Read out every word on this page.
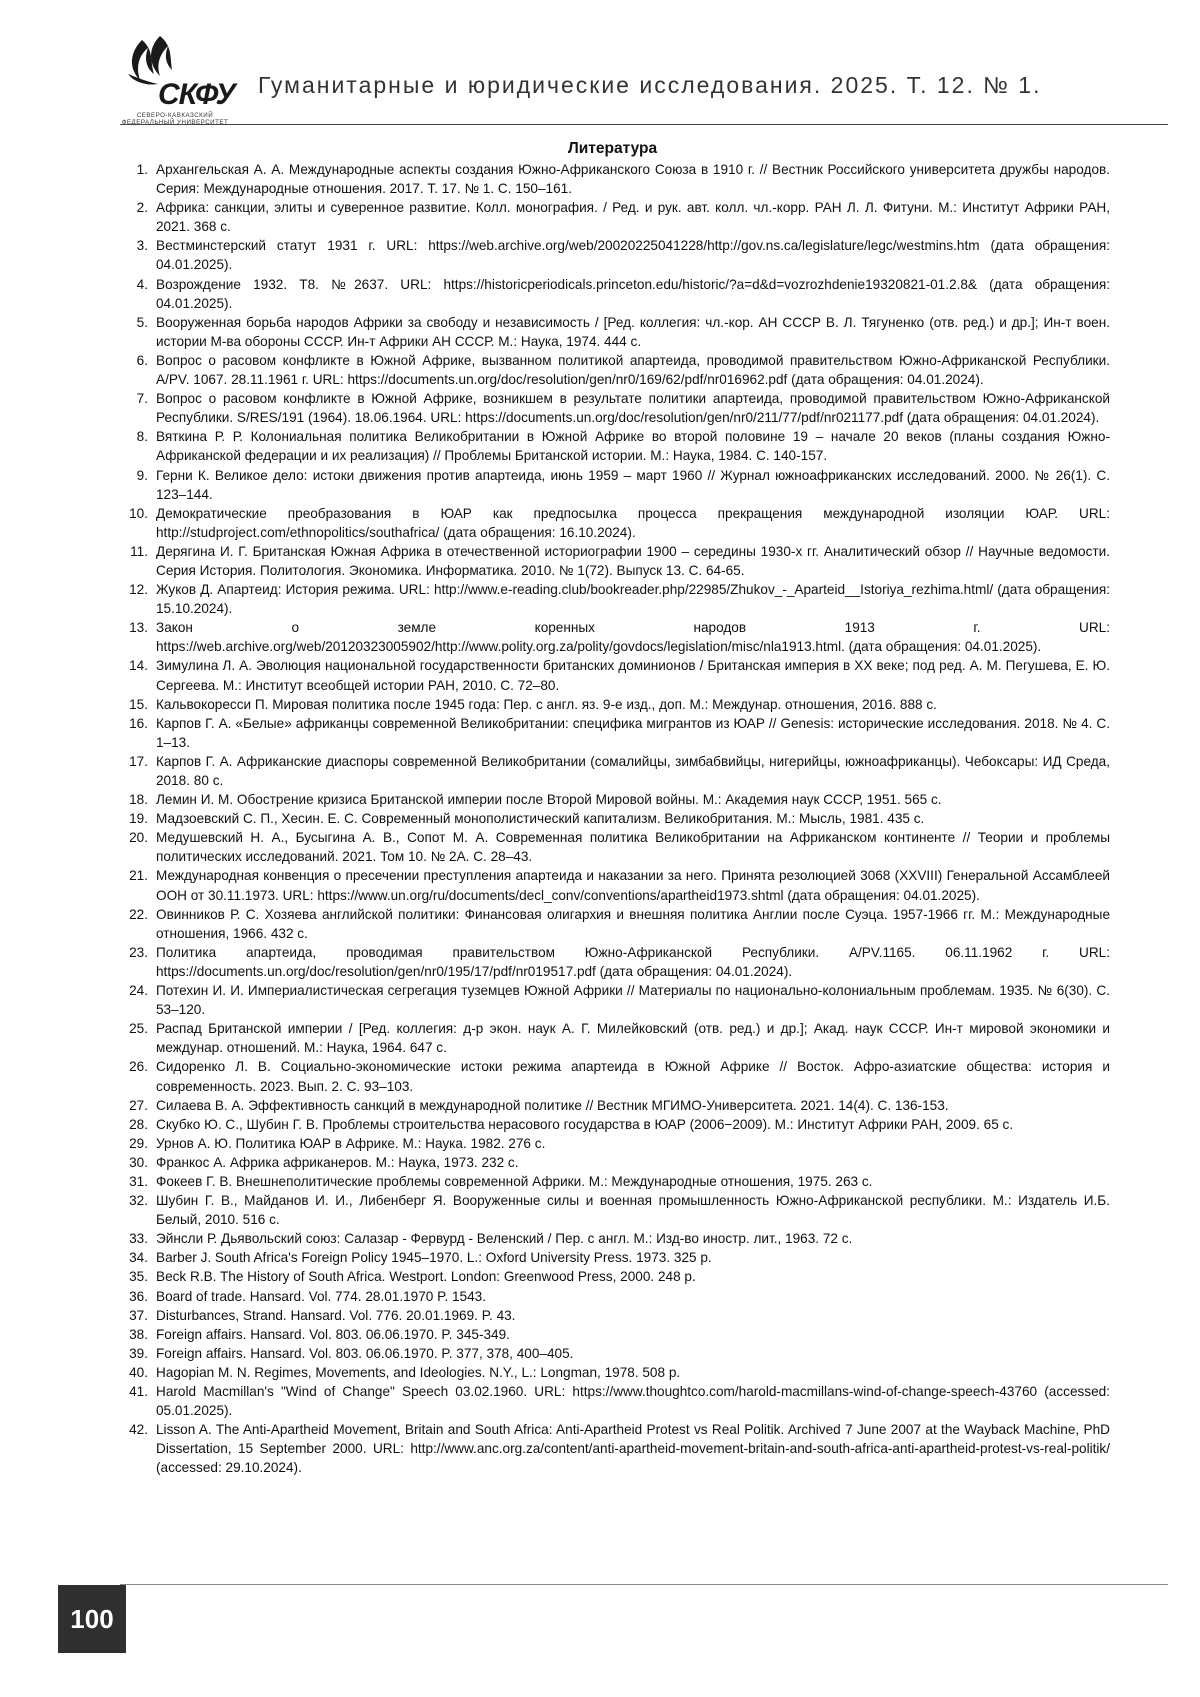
СКФУ
СЕВЕРО-КАВКАЗСКИЙ ФЕДЕРАЛЬНЫЙ УНИВЕРСИТЕТ
Гуманитарные и юридические исследования. 2025. Т. 12. № 1.
Литература
1. Архангельская А. А. Международные аспекты создания Южно-Африканского Союза в 1910 г. // Вестник Российского университета дружбы народов. Серия: Международные отношения. 2017. Т. 17. № 1. С. 150–161.
2. Африка: санкции, элиты и суверенное развитие. Колл. монография. / Ред. и рук. авт. колл. чл.-корр. РАН Л. Л. Фитуни. М.: Институт Африки РАН, 2021. 368 с.
3. Вестминстерский статут 1931 г. URL: https://web.archive.org/web/20020225041228/http://gov.ns.ca/legislature/legc/westmins.htm (дата обращения: 04.01.2025).
4. Возрождение 1932. Т8. №2637. URL: https://historicperiodicals.princeton.edu/historic/?a=d&d=vozrozhdenie19320821-01.2.8& (дата обращения: 04.01.2025).
5. Вооруженная борьба народов Африки за свободу и независимость / [Ред. коллегия: чл.-кор. АН СССР В. Л. Тягуненко (отв. ред.) и др.]; Ин-т воен. истории М-ва обороны СССР. Ин-т Африки АН СССР. М.: Наука, 1974. 444 с.
6. Вопрос о расовом конфликте в Южной Африке, вызванном политикой апартеида, проводимой правительством Южно-Африканской Республики. A/PV. 1067. 28.11.1961 г. URL: https://documents.un.org/doc/resolution/gen/nr0/169/62/pdf/nr016962.pdf (дата обращения: 04.01.2024).
7. Вопрос о расовом конфликте в Южной Африке, возникшем в результате политики апартеида, проводимой правительством Южно-Африканской Республики. S/RES/191 (1964). 18.06.1964. URL: https://documents.un.org/doc/resolution/gen/nr0/211/77/pdf/nr021177.pdf (дата обращения: 04.01.2024).
8. Вяткина Р. Р. Колониальная политика Великобритании в Южной Африке во второй половине 19 – начале 20 веков (планы создания Южно-Африканской федерации и их реализация) // Проблемы Британской истории. М.: Наука, 1984. С. 140-157.
9. Герни К. Великое дело: истоки движения против апартеида, июнь 1959 – март 1960 // Журнал южноафриканских исследований. 2000. № 26(1). С. 123–144.
10. Демократические преобразования в ЮАР как предпосылка процесса прекращения международной изоляции ЮАР. URL: http://studproject.com/ethnopolitics/southafrica/ (дата обращения: 16.10.2024).
11. Дерягина И. Г. Британская Южная Африка в отечественной историографии 1900 – середины 1930-х гг. Аналитический обзор // Научные ведомости. Серия История. Политология. Экономика. Информатика. 2010. № 1(72). Выпуск 13. С. 64-65.
12. Жуков Д. Апартеид: История режима. URL: http://www.e-reading.club/bookreader.php/22985/Zhukov_-_Aparteid__Istoriya_rezhima.html/ (дата обращения: 15.10.2024).
13. Закон о земле коренных народов 1913 г. URL: https://web.archive.org/web/20120323005902/http://www.polity.org.za/polity/govdocs/legislation/misc/nla1913.html. (дата обращения: 04.01.2025).
14. Зимулина Л. А. Эволюция национальной государственности британских доминионов / Британская империя в XX веке; под ред. А. М. Пегушева, Е. Ю. Сергеева. М.: Институт всеобщей истории РАН, 2010. С. 72–80.
15. Кальвокоресси П. Мировая политика после 1945 года: Пер. с англ. яз. 9-е изд., доп. М.: Междунар. отношения, 2016. 888 с.
16. Карпов Г. А. «Белые» африканцы современной Великобритании: специфика мигрантов из ЮАР // Genesis: исторические исследования. 2018. № 4. С. 1–13.
17. Карпов Г. А. Африканские диаспоры современной Великобритании (сомалийцы, зимбабвийцы, нигерийцы, южноафриканцы). Чебоксары: ИД Среда, 2018. 80 с.
18. Лемин И. М. Обострение кризиса Британской империи после Второй Мировой войны. М.: Академия наук СССР, 1951. 565 с.
19. Мадзоевский С. П., Хесин. Е. С. Современный монополистический капитализм. Великобритания. М.: Мысль, 1981. 435 с.
20. Медушевский Н. А., Бусыгина А. В., Сопот М. А. Современная политика Великобритании на Африканском континенте // Теории и проблемы политических исследований. 2021. Том 10. № 2А. С. 28–43.
21. Международная конвенция о пресечении преступления апартеида и наказании за него. Принята резолюцией 3068 (XXVIII) Генеральной Ассамблеей ООН от 30.11.1973. URL: https://www.un.org/ru/documents/decl_conv/conventions/apartheid1973.shtml (дата обращения: 04.01.2025).
22. Овинников Р. С. Хозяева английской политики: Финансовая олигархия и внешняя политика Англии после Суэца. 1957-1966 гг. М.: Международные отношения, 1966. 432 с.
23. Политика апартеида, проводимая правительством Южно-Африканской Республики. A/PV.1165. 06.11.1962 г. URL: https://documents.un.org/doc/resolution/gen/nr0/195/17/pdf/nr019517.pdf (дата обращения: 04.01.2024).
24. Потехин И. И. Империалистическая сегрегация туземцев Южной Африки // Материалы по национально-колониальным проблемам. 1935. № 6(30). С. 53–120.
25. Распад Британской империи / [Ред. коллегия: д-р экон. наук А. Г. Милейковский (отв. ред.) и др.]; Акад. наук СССР. Ин-т мировой экономики и междунар. отношений. М.: Наука, 1964. 647 с.
26. Сидоренко Л. В. Социально-экономические истоки режима апартеида в Южной Африке // Восток. Афро-азиатские общества: история и современность. 2023. Вып. 2. С. 93–103.
27. Силаева В. А. Эффективность санкций в международной политике // Вестник МГИМО-Университета. 2021. 14(4). С. 136-153.
28. Скубко Ю. С., Шубин Г. В. Проблемы строительства нерасового государства в ЮАР (2006−2009). М.: Институт Африки РАН, 2009. 65 с.
29. Урнов А. Ю. Политика ЮАР в Африке. М.: Наука. 1982. 276 с.
30. Франкос А. Африка африканеров. М.: Наука, 1973. 232 с.
31. Фокеев Г. В. Внешнеполитические проблемы современной Африки. М.: Международные отношения, 1975. 263 с.
32. Шубин Г. В., Майданов И. И., Либенберг Я. Вооруженные силы и военная промышленность Южно-Африканской республики. М.: Издатель И.Б. Белый, 2010. 516 с.
33. Эйнсли Р. Дьявольский союз: Салазар - Фервурд - Веленский / Пер. с англ. М.: Изд-во иностр. лит., 1963. 72 с.
34. Barber J. South Africa's Foreign Policy 1945–1970. L.: Oxford University Press. 1973. 325 p.
35. Beck R.B. The History of South Africa. Westport. London: Greenwood Press, 2000. 248 p.
36. Board of trade. Hansard. Vol. 774. 28.01.1970 P. 1543.
37. Disturbances, Strand. Hansard. Vol. 776. 20.01.1969. P. 43.
38. Foreign affairs. Hansard. Vol. 803. 06.06.1970. P. 345-349.
39. Foreign affairs. Hansard. Vol. 803. 06.06.1970. P. 377, 378, 400–405.
40. Hagopian M. N. Regimes, Movements, and Ideologies. N.Y., L.: Longman, 1978. 508 p.
41. Harold Macmillan's "Wind of Change" Speech 03.02.1960. URL: https://www.thoughtco.com/harold-macmillans-wind-of-change-speech-43760 (accessed: 05.01.2025).
42. Lisson A. The Anti-Apartheid Movement, Britain and South Africa: Anti-Apartheid Protest vs Real Politik. Archived 7 June 2007 at the Wayback Machine, PhD Dissertation, 15 September 2000. URL: http://www.anc.org.za/content/anti-apartheid-movement-britain-and-south-africa-anti-apartheid-protest-vs-real-politik/ (accessed: 29.10.2024).
100
